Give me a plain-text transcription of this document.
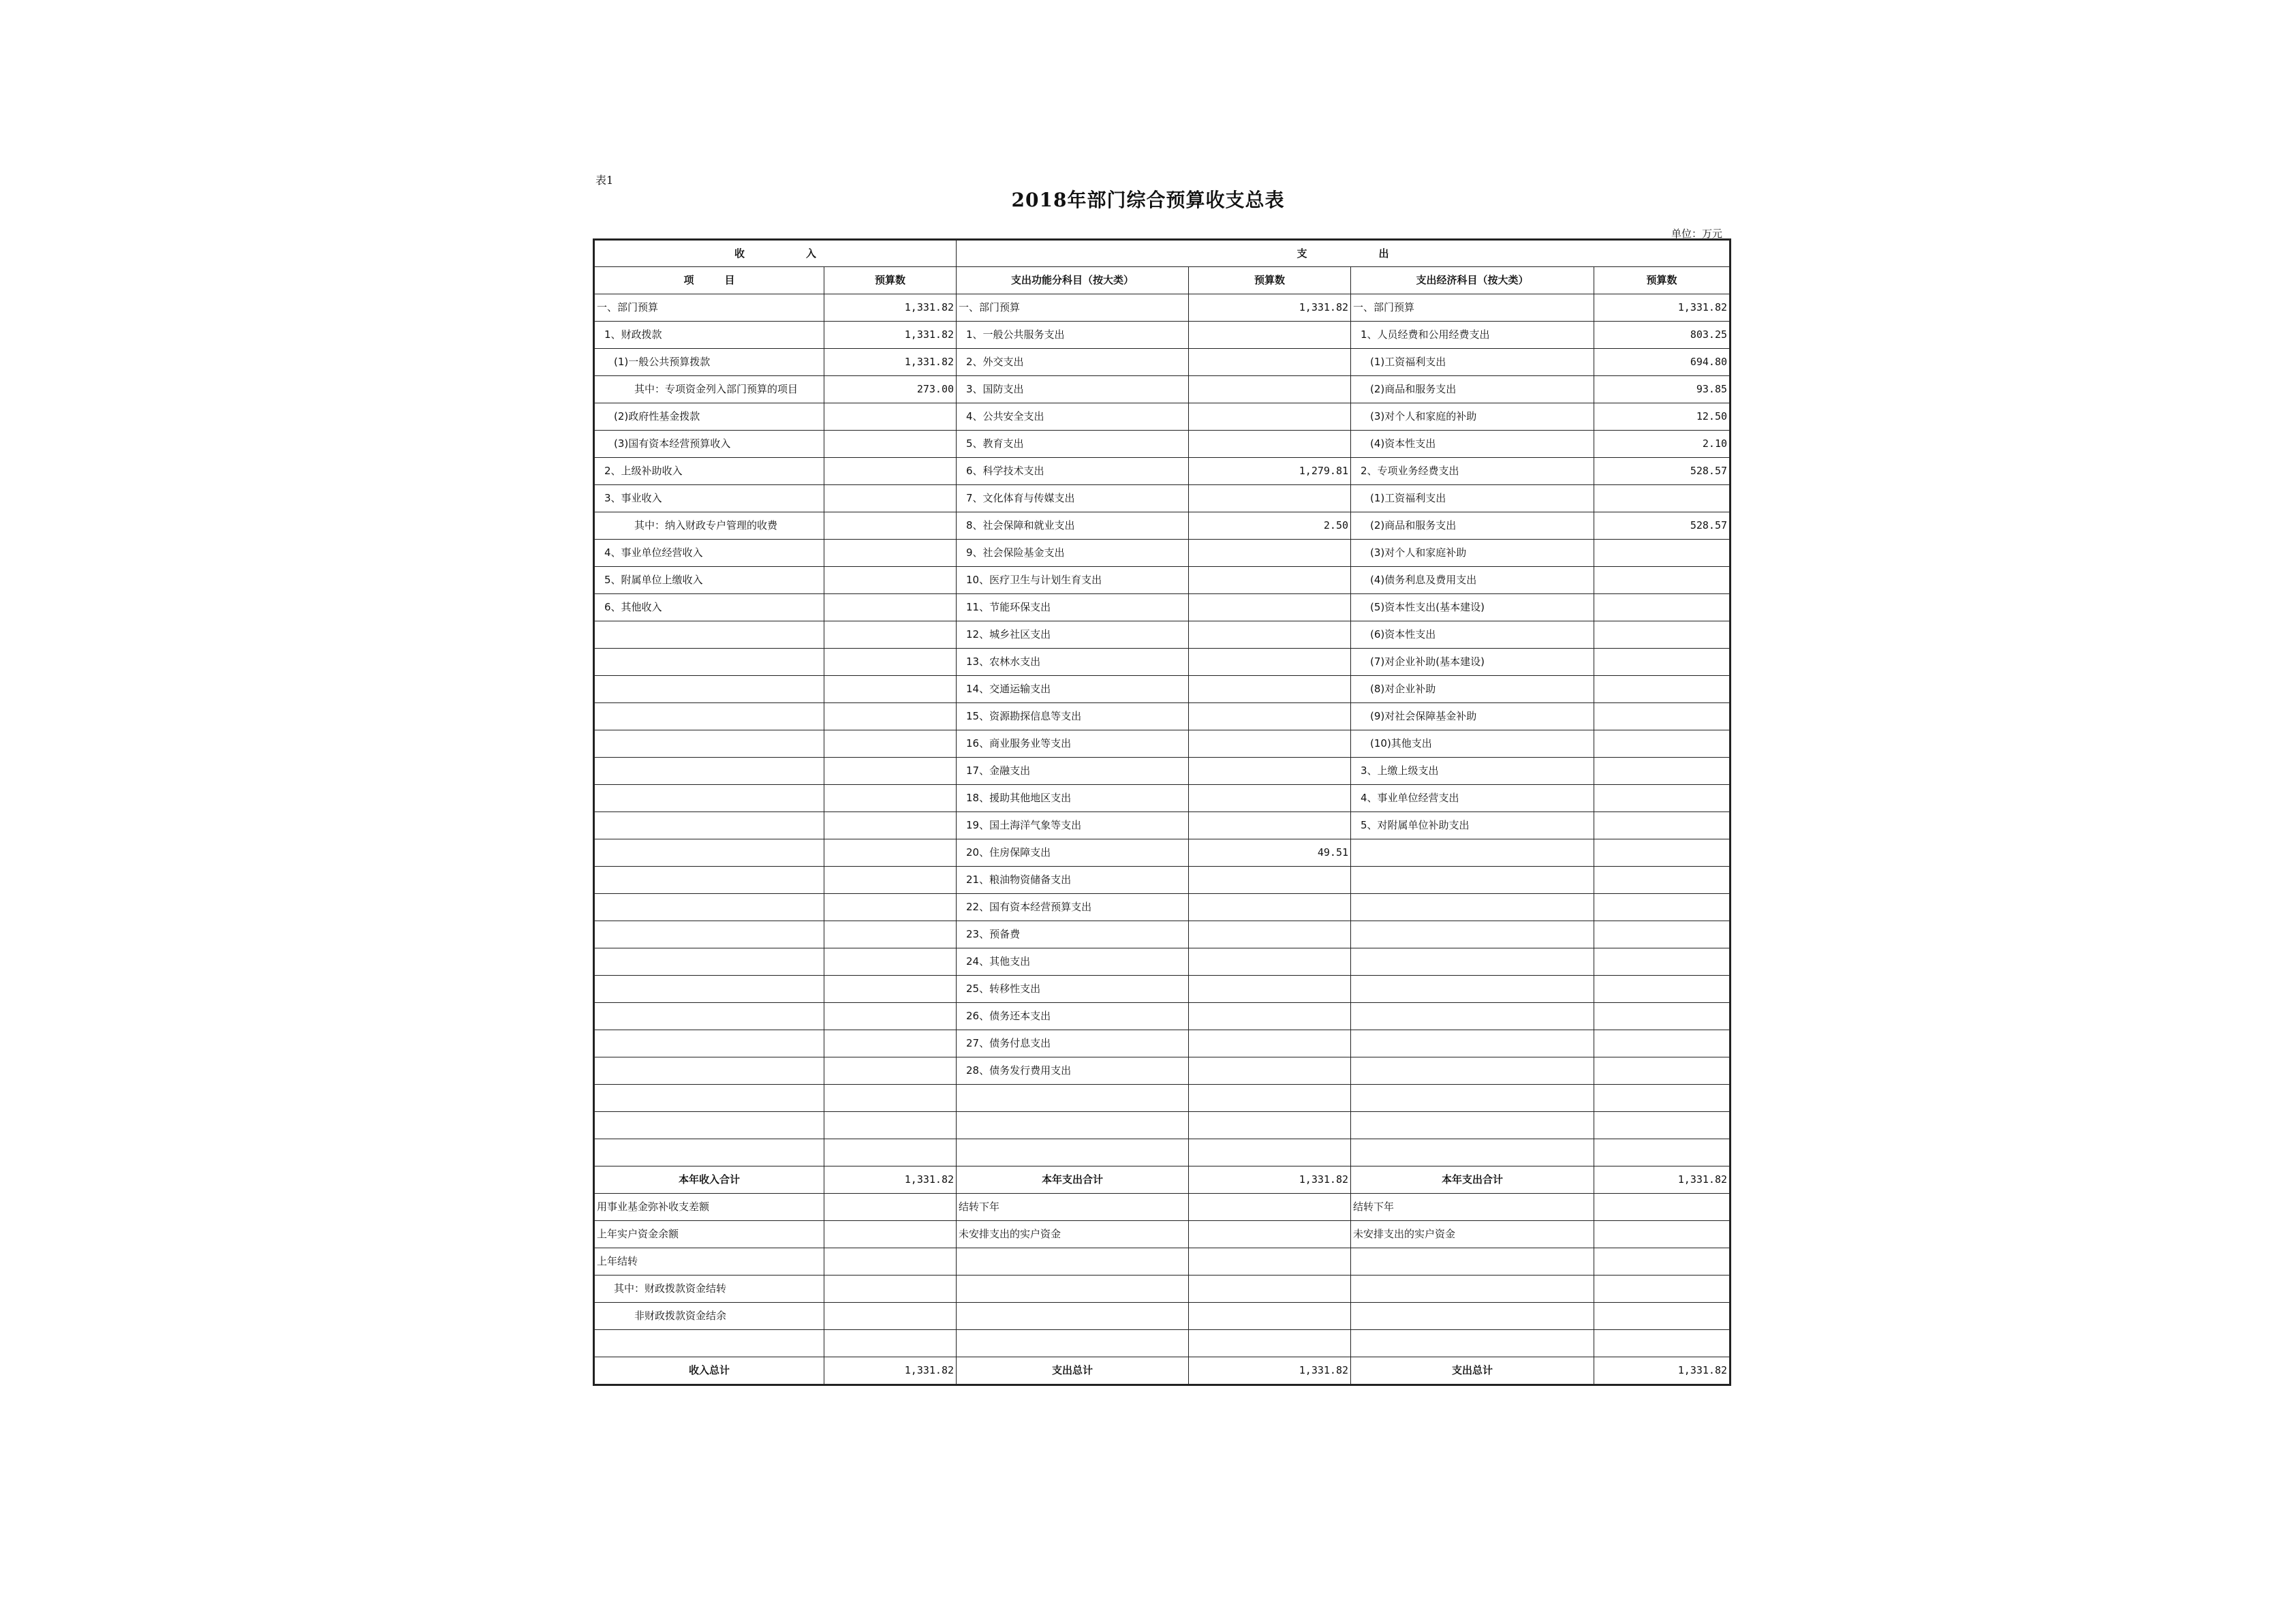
表1
2018年部门综合预算收支总表
单位：万元
收　　　　　　入		支　　　　　　　出			
项　　　目	预算数	支出功能分科目（按大类）	预算数	支出经济科目（按大类）	预算数
一、部门预算	1,331.82	一、部门预算	1,331.82	一、部门预算	1,331.82
1、财政拨款	1,331.82	1、一般公共服务支出		1、人员经费和公用经费支出	803.25
(1)一般公共预算拨款	1,331.82	2、外交支出		(1)工资福利支出	694.80
其中：专项资金列入部门预算的项目	273.00	3、国防支出		(2)商品和服务支出	93.85
(2)政府性基金拨款		4、公共安全支出		(3)对个人和家庭的补助	12.50
(3)国有资本经营预算收入		5、教育支出		(4)资本性支出	2.10
2、上级补助收入		6、科学技术支出	1,279.81	2、专项业务经费支出	528.57
3、事业收入		7、文化体育与传媒支出		(1)工资福利支出	
其中：纳入财政专户管理的收费		8、社会保障和就业支出	2.50	(2)商品和服务支出	528.57
4、事业单位经营收入		9、社会保险基金支出		(3)对个人和家庭补助	
5、附属单位上缴收入		10、医疗卫生与计划生育支出		(4)债务利息及费用支出	
6、其他收入		11、节能环保支出		(5)资本性支出(基本建设)	
		12、城乡社区支出		(6)资本性支出	
		13、农林水支出		(7)对企业补助(基本建设)	
		14、交通运输支出		(8)对企业补助	
		15、资源勘探信息等支出		(9)对社会保障基金补助	
		16、商业服务业等支出		(10)其他支出	
		17、金融支出		3、上缴上级支出	
		18、援助其他地区支出		4、事业单位经营支出	
		19、国土海洋气象等支出		5、对附属单位补助支出	
		20、住房保障支出	49.51		
		21、粮油物资储备支出			
		22、国有资本经营预算支出			
		23、预备费			
		24、其他支出			
		25、转移性支出			
		26、债务还本支出			
		27、债务付息支出			
		28、债务发行费用支出			

本年收入合计	1,331.82	本年支出合计	1,331.82	本年支出合计	1,331.82
用事业基金弥补收支差额		结转下年		结转下年	
上年实户资金余额		未安排支出的实户资金		未安排支出的实户资金	
上年结转					
其中：财政拨款资金结转					
非财政拨款资金结余					

收入总计	1,331.82	支出总计	1,331.82	支出总计	1,331.82
